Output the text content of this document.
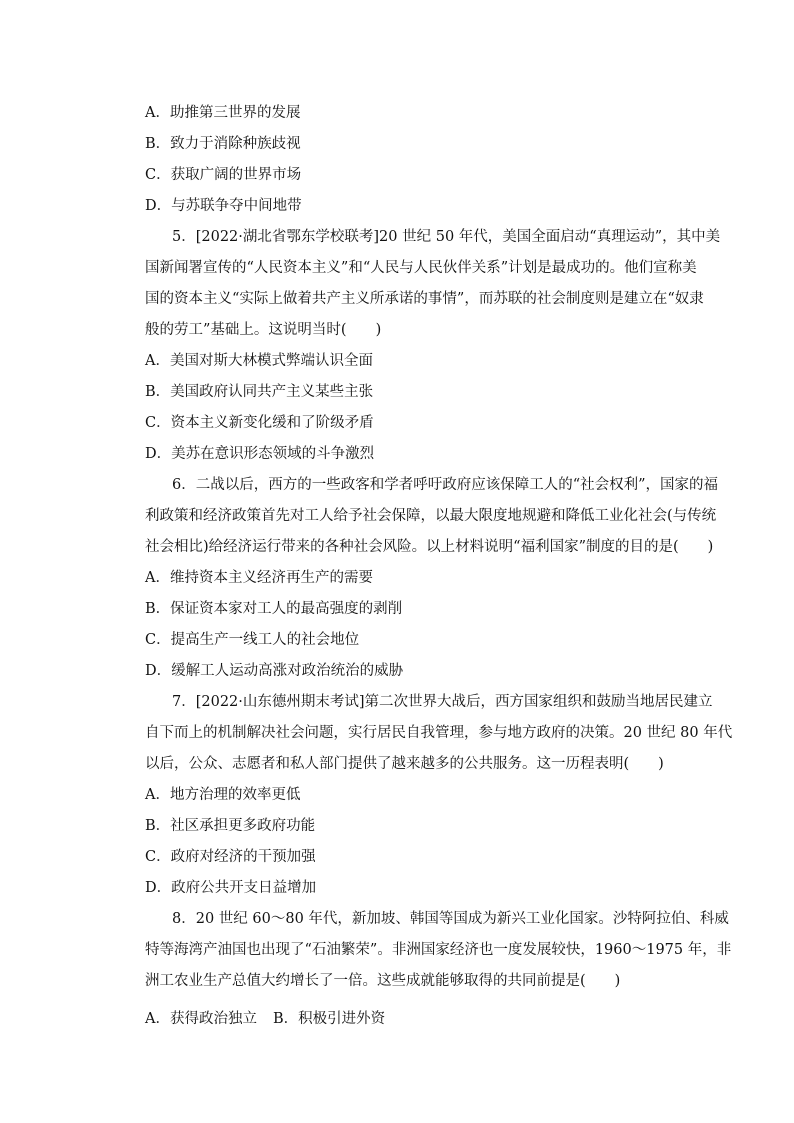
A．助推第三世界的发展
B．致力于消除种族歧视
C．获取广阔的世界市场
D．与苏联争夺中间地带
5．[2022·湖北省鄂东学校联考]20 世纪 50 年代，美国全面启动“真理运动”，其中美
国新闻署宣传的“人民资本主义”和“人民与人民伙伴关系”计划是最成功的。他们宣称美
国的资本主义“实际上做着共产主义所承诺的事情”，而苏联的社会制度则是建立在“奴隶
般的劳工”基础上。这说明当时(　　)
A．美国对斯大林模式弊端认识全面
B．美国政府认同共产主义某些主张
C．资本主义新变化缓和了阶级矛盾
D．美苏在意识形态领域的斗争激烈
6．二战以后，西方的一些政客和学者呼吁政府应该保障工人的“社会权利”，国家的福
利政策和经济政策首先对工人给予社会保障，以最大限度地规避和降低工业化社会(与传统
社会相比)给经济运行带来的各种社会风险。以上材料说明“福利国家”制度的目的是(　　)
A．维持资本主义经济再生产的需要
B．保证资本家对工人的最高强度的剥削
C．提高生产一线工人的社会地位
D．缓解工人运动高涨对政治统治的威胁
7．[2022·山东德州期末考试]第二次世界大战后，西方国家组织和鼓励当地居民建立
自下而上的机制解决社会问题，实行居民自我管理，参与地方政府的决策。20 世纪 80 年代
以后，公众、志愿者和私人部门提供了越来越多的公共服务。这一历程表明(　　)
A．地方治理的效率更低
B．社区承担更多政府功能
C．政府对经济的干预加强
D．政府公共开支日益增加
8．20 世纪 60～80 年代，新加坡、韩国等国成为新兴工业化国家。沙特阿拉伯、科威
特等海湾产油国也出现了“石油繁荣”。非洲国家经济也一度发展较快，1960～1975 年，非
洲工农业生产总值大约增长了一倍。这些成就能够取得的共同前提是(　　)
A．获得政治独立 B．积极引进外资
